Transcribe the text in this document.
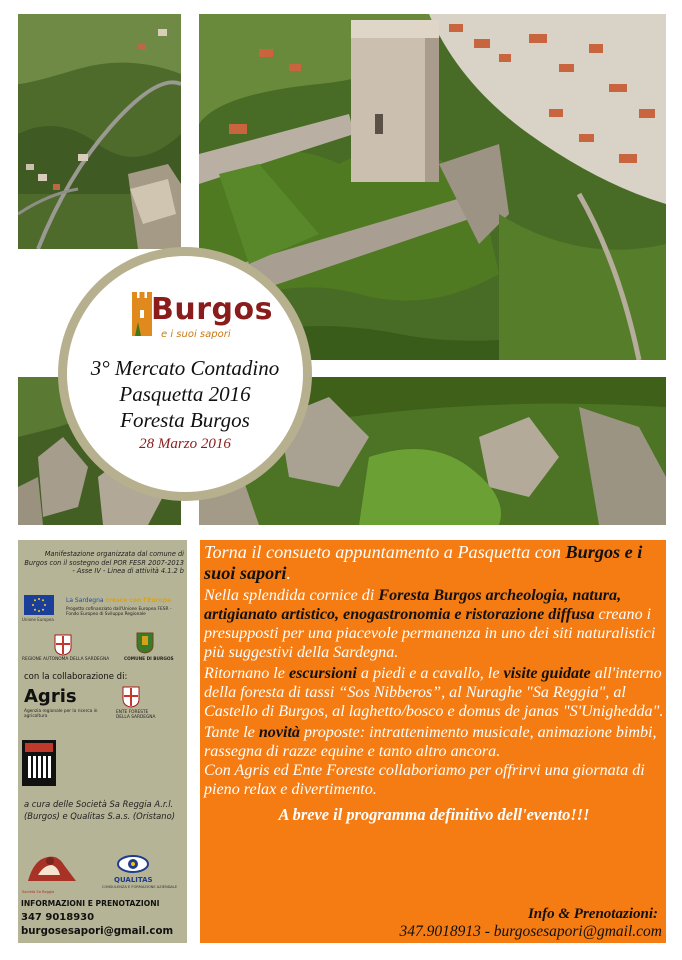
Burgos
e i suoi sapori
3° Mercato Contadino
Pasquetta 2016
Foresta Burgos
28 Marzo 2016
Manifestazione organizzata dal comune di Burgos con il sostegno del POR FESR 2007-2013 - Asse IV - Linea di attività 4.1.2 b
Unione Europea
La Sardegna cresce con l'Europa
Progetto cofinanziato dall'Unione Europea FESR - Fondo Europeo di Sviluppo Regionale
REGIONE AUTONOMA DELLA SARDEGNA	COMUNE DI BURGOS
con la collaborazione di:
Agris
Agenzia regionale per la ricerca in agricoltura
ENTE FORESTE DELLA SARDEGNA
a cura delle Società Sa Reggia A.r.l. (Burgos) e Qualitas S.a.s. (Oristano)
Società Sa Reggia
QUALITAS
CONSULENZA E FORMAZIONE AZIENDALE
INFORMAZIONI E PRENOTAZIONI
347 9018930
burgosesapori@gmail.com

Torna il consueto appuntamento a Pasquetta con Burgos e i suoi sapori.

Nella splendida cornice di Foresta Burgos archeologia, natura, artigianato artistico, enogastronomia e ristorazione diffusa creano i presupposti per una piacevole permanenza in uno dei siti naturalistici più suggestivi della Sardegna.

Ritornano le escursioni a piedi e a cavallo, le visite guidate all'interno della foresta di tassi “Sos Nibberos”, al Nuraghe "Sa Reggia", al Castello di Burgos, al laghetto/bosco e domus de janas "S'Unighedda".

Tante le novità proposte: intrattenimento musicale, animazione bimbi, rassegna di razze equine e tanto altro ancora.

Con Agris ed Ente Foreste collaboriamo per offrirvi una giornata di pieno relax e divertimento.

A breve il programma definitivo dell'evento!!!
Info & Prenotazioni:
347.9018913 - burgosesapori@gmail.com
